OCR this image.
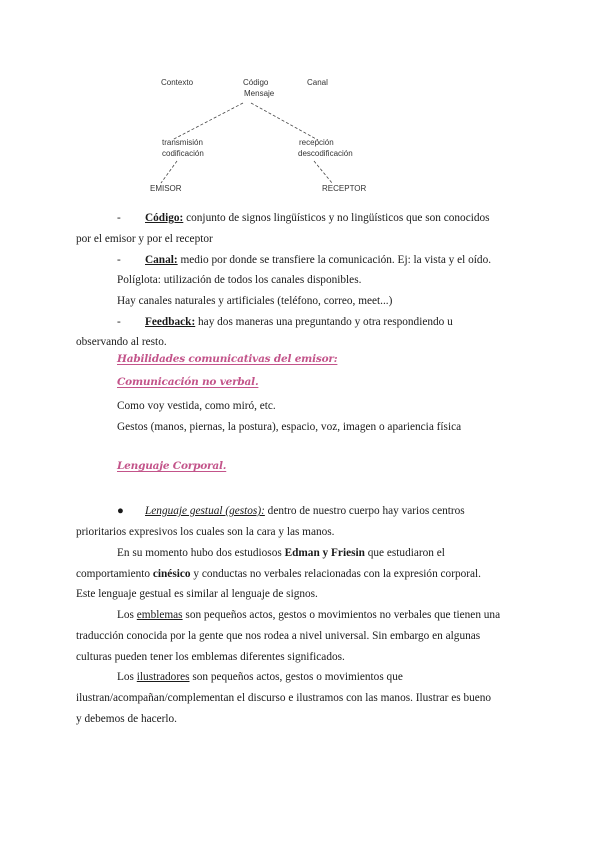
Contexto	Código
Mensaje
Canal
transmisión
codificación
recepción
descodificación
EMISOR	RECEPTOR
- Código: conjunto de signos lingüísticos y no lingüísticos que son conocidos
por el emisor y por el receptor
- Canal: medio por donde se transfiere la comunicación. Ej: la vista y el oído.
Políglota: utilización de todos los canales disponibles.
Hay canales naturales y artificiales (teléfono, correo, meet...)
- Feedback: hay dos maneras una preguntando y otra respondiendo u
observando al resto.
Habilidades comunicativas del emisor:
Comunicación no verbal.
Como voy vestida, como miró, etc.
Gestos (manos, piernas, la postura), espacio, voz, imagen o apariencia física
Lenguaje Corporal.
● Lenguaje gestual (gestos): dentro de nuestro cuerpo hay varios centros
prioritarios expresivos los cuales son la cara y las manos.
En su momento hubo dos estudiosos Edman y Friesin que estudiaron el
comportamiento cinésico y conductas no verbales relacionadas con la expresión corporal.
Este lenguaje gestual es similar al lenguaje de signos.
Los emblemas son pequeños actos, gestos o movimientos no verbales que tienen una
traducción conocida por la gente que nos rodea a nivel universal. Sin embargo en algunas
culturas pueden tener los emblemas diferentes significados.
Los ilustradores son pequeños actos, gestos o movimientos que
ilustran/acompañan/complementan el discurso e ilustramos con las manos. Ilustrar es bueno
y debemos de hacerlo.
